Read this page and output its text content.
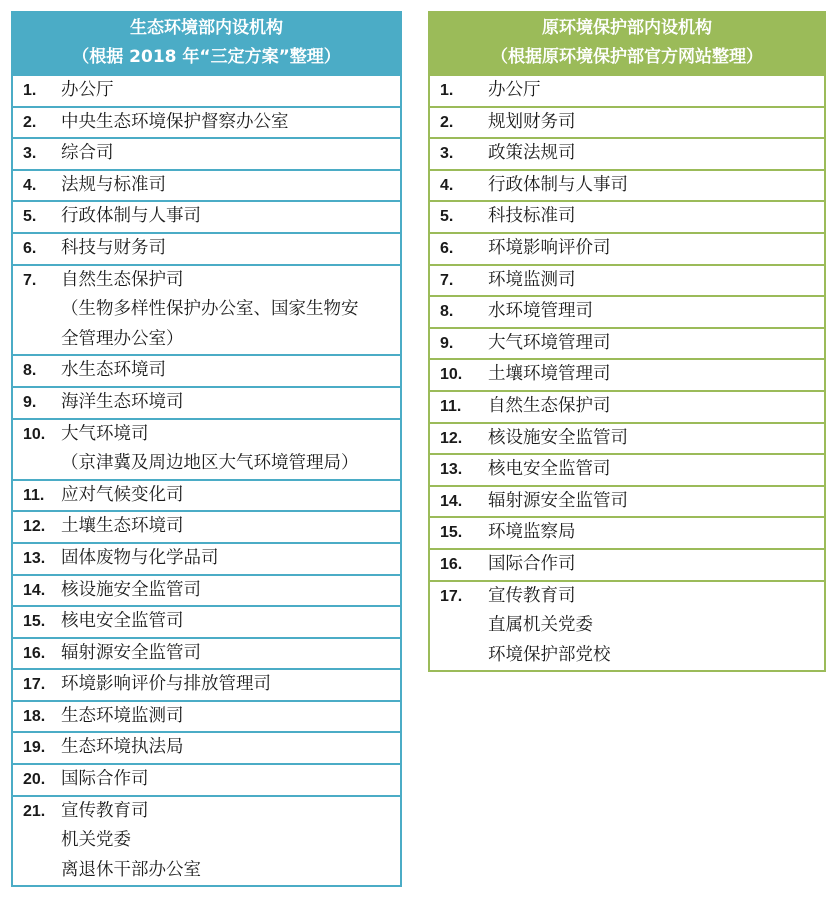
生态环境部内设机构
（根据 2018 年“三定方案”整理）
1.	办公厅
2.	中央生态环境保护督察办公室
3.	综合司
4.	法规与标准司
5.	行政体制与人事司
6.	科技与财务司
7.	自然生态保护司
（生物多样性保护办公室、国家生物安
全管理办公室）
8.	水生态环境司
9.	海洋生态环境司
10. 大气环境司
（京津冀及周边地区大气环境管理局）
11. 应对气候变化司
12. 土壤生态环境司
13. 固体废物与化学品司
14. 核设施安全监管司
15. 核电安全监管司
16. 辐射源安全监管司
17. 环境影响评价与排放管理司
18. 生态环境监测司
19. 生态环境执法局
20. 国际合作司
21. 宣传教育司
机关党委
离退休干部办公室
原环境保护部内设机构
（根据原环境保护部官方网站整理）
1.	办公厅
2.	规划财务司
3.	政策法规司
4.	行政体制与人事司
5.	科技标准司
6.	环境影响评价司
7.	环境监测司
8.	水环境管理司
9.	大气环境管理司
10.	土壤环境管理司
11.	自然生态保护司
12.	核设施安全监管司
13.	核电安全监管司
14.	辐射源安全监管司
15.	环境监察局
16.	国际合作司
17.	宣传教育司
直属机关党委
环境保护部党校
